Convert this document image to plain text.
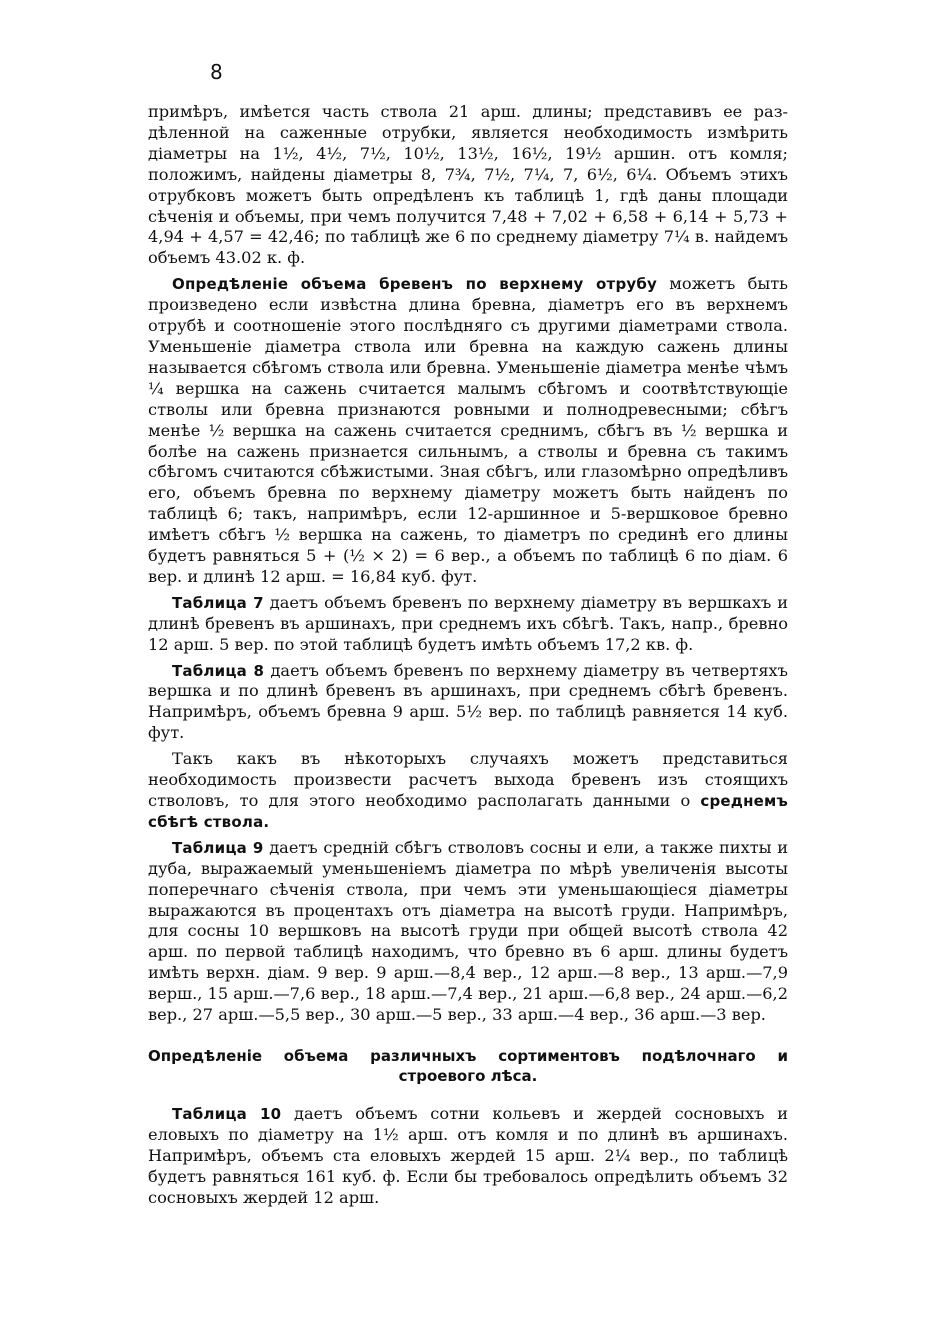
8

примѣръ, имѣется часть ствола 21 арш. длины; представивъ ее раз- дѣленной на саженные отрубки, является необходимость измѣрить діаметры на 1½, 4½, 7½, 10½, 13½, 16½, 19½ аршин. отъ комля; положимъ, найдены діаметры 8, 7¾, 7½, 7¼, 7, 6½, 6¼. Объемъ этихъ отрубковъ можетъ быть опредѣленъ къ таблицѣ 1, гдѣ даны площади сѣченія и объемы, при чемъ получится 7,48 + 7,02 + 6,58 + 6,14 + 5,73 + 4,94 + 4,57 = 42,46; по таблицѣ же 6 по среднему діаметру 7¼ в. найдемъ объемъ 43.02 к. ф.

Опредѣленіе объема бревенъ по верхнему отрубу можетъ быть произведено если извѣстна длина бревна, діаметръ его въ верхнемъ отрубѣ и соотношеніе этого послѣдняго съ другими діаметрами ствола. Уменьшеніе діаметра ствола или бревна на каждую сажень длины называется сбѣгомъ ствола или бревна. Уменьшеніе діаметра менѣе чѣмъ ¼ вершка на сажень считается малымъ сбѣгомъ и соотвѣтствующіе стволы или бревна признаются ровными и полнодревесными; сбѣгъ менѣе ½ вершка на сажень считается среднимъ, сбѣгъ въ ½ вершка и болѣе на сажень признается сильнымъ, а стволы и бревна съ такимъ сбѣгомъ считаются сбѣжистыми. Зная сбѣгъ, или глазомѣрно опредѣливъ его, объемъ бревна по верхнему діаметру можетъ быть найденъ по таблицѣ 6; такъ, напримѣръ, если 12-аршинное и 5-вершковое бревно имѣетъ сбѣгъ ½ вершка на сажень, то діаметръ по срединѣ его длины будетъ равняться 5 + (½ × 2) = 6 вер., а объемъ по таблицѣ 6 по діам. 6 вер. и длинѣ 12 арш. = 16,84 куб. фут.

Таблица 7 даетъ объемъ бревенъ по верхнему діаметру въ вершкахъ и длинѣ бревенъ въ аршинахъ, при среднемъ ихъ сбѣгѣ. Такъ, напр., бревно 12 арш. 5 вер. по этой таблицѣ будетъ имѣть объемъ 17,2 кв. ф.

Таблица 8 даетъ объемъ бревенъ по верхнему діаметру въ четвертяхъ вершка и по длинѣ бревенъ въ аршинахъ, при среднемъ сбѣгѣ бревенъ. Напримѣръ, объемъ бревна 9 арш. 5½ вер. по таблицѣ равняется 14 куб. фут.

Такъ какъ въ нѣкоторыхъ случаяхъ можетъ представиться необходимость произвести расчетъ выхода бревенъ изъ стоящихъ стволовъ, то для этого необходимо располагать данными о среднемъ сбѣгѣ ствола.

Таблица 9 даетъ средній сбѣгъ стволовъ сосны и ели, а также пихты и дуба, выражаемый уменьшеніемъ діаметра по мѣрѣ увеличенія высоты поперечнаго сѣченія ствола, при чемъ эти уменьшающіеся діаметры выражаются въ процентахъ отъ діаметра на высотѣ груди. Напримѣръ, для сосны 10 вершковъ на высотѣ груди при общей высотѣ ствола 42 арш. по первой таблицѣ находимъ, что бревно въ 6 арш. длины будетъ имѣть верхн. діам. 9 вер. 9 арш.—8,4 вер., 12 арш.—8 вер., 13 арш.—7,9 верш., 15 арш.—7,6 вер., 18 арш.—7,4 вер., 21 арш.—6,8 вер., 24 арш.—6,2 вер., 27 арш.—5,5 вер., 30 арш.—5 вер., 33 арш.—4 вер., 36 арш.—3 вер.

Опредѣленіе объема различныхъ сортиментовъ подѣлочнаго и
строевого лѣса.

Таблица 10 даетъ объемъ сотни кольевъ и жердей сосновыхъ и еловыхъ по діаметру на 1½ арш. отъ комля и по длинѣ въ аршинахъ. Напримѣръ, объемъ ста еловыхъ жердей 15 арш. 2¼ вер., по таблицѣ будетъ равняться 161 куб. ф. Если бы требовалось опредѣлить объемъ 32 сосновыхъ жердей 12 арш.
